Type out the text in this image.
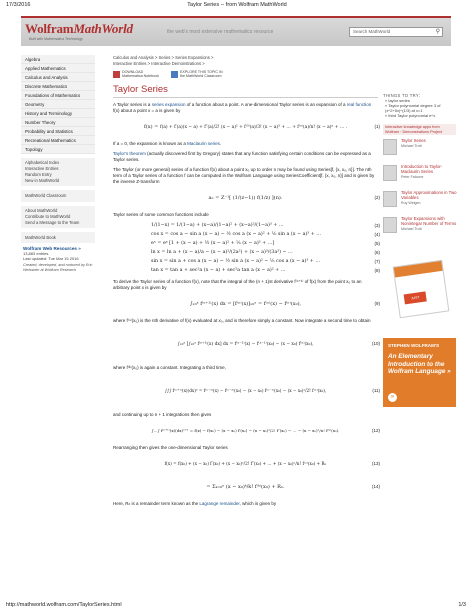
17/3/2016	Taylor Series -- from Wolfram MathWorld
WolframMathWorld
Built with Mathematica Technology
the web's most extensive mathematics resource	Search MathWorld	⚲
Algebra
Applied Mathematics
Calculus and Analysis
Discrete Mathematics
Foundations of Mathematics
Geometry
History and Terminology
Number Theory
Probability and Statistics
Recreational Mathematics
Topology
Alphabetical Index
Interactive Entries
Random Entry
New in MathWorld
MathWorld Classroom
About MathWorld
Contribute to MathWorld
Send a Message to the Team
MathWorld Book
Wolfram Web Resources »
13,883 entries
Last updated: Tue Mar 15 2016
Created, developed, and nurtured by Eric Weisstein at Wolfram Research
Calculus and Analysis > Series > Series Expansions >
Interactive Entries > Interactive Demonstrations >
DOWNLOAD
Mathematica Notebook
EXPLORE THIS TOPIC IN
the MathWorld Classroom
Taylor Series

A Taylor series is a series expansion of a function about a point. A one-dimensional Taylor series is an expansion of a real function f(x) about a point x = a is given by

f(x) = f(a) + f′(a)(x − a) + f″(a)/2! (x − a)² + f⁽³⁾(a)/3! (x − a)³ + … + f⁽ⁿ⁾(a)/n! (x − a)ⁿ + … .	(1)

If a = 0, the expansion is known as a Maclaurin series.

Taylor's theorem (actually discovered first by Gregory) states that any function satisfying certain conditions can be expressed as a Taylor series.

The Taylor (or more general) series of a function f(x) about a point x₀ up to order n may be found using Series[f, {x, x₀, n}]. The nth term of a Taylor series of a function f can be computed in the Wolfram Language using SeriesCoefficient[f, {x, x₀, n}] and is given by the inverse Z-transform

aₙ = Z⁻¹[ (1/(z−1)) f(1/z) ](n).	(2)

Taylor series of some common functions include

1/(1−x) = 1/(1−a) + (x−a)/(1−a)² + (x−a)²/(1−a)³ + …	(3)
cos x = cos a − sin a (x − a) − ½ cos a (x − a)² + ⅙ sin a (x − a)³ + …	(4)
eˣ = eᵃ [1 + (x − a) + ½ (x − a)² + ⅙ (x − a)³ + …]	(5)
ln x = ln a + (x − a)/a − (x − a)²/(2a²) + (x − a)³/(3a³) − …	(6)
sin x = sin a + cos a (x − a) − ½ sin a (x − a)² − ⅙ cos a (x − a)³ + …	(7)
tan x = tan a + sec²a (x − a) + sec²a tan a (x − a)² + …	(8)

To derive the Taylor series of a function f(x), note that the integral of the (n + 1)st derivative f⁽ⁿ⁺¹⁾ of f(x) from the point x₀ to an arbitrary point x is given by

∫ₓ₀ˣ f⁽ⁿ⁺¹⁾(x) dx = [f⁽ⁿ⁾(x)]ₓ₀ˣ = f⁽ⁿ⁾(x) − f⁽ⁿ⁾(x₀),	(9)

where f⁽ⁿ⁾(x₀) is the nth derivative of f(x) evaluated at x₀, and is therefore simply a constant. Now integrate a second time to obtain

∫ₓ₀ˣ [∫ₓ₀ˣ f⁽ⁿ⁺¹⁾(x) dx] dx = f⁽ⁿ⁻¹⁾(x) − f⁽ⁿ⁻¹⁾(x₀) − (x − x₀) f⁽ⁿ⁾(x₀),	(10)

where f⁽ᵏ⁾(x₀) is again a constant. Integrating a third time,

∫∫∫ f⁽ⁿ⁺¹⁾(x)(dx)³ = f⁽ⁿ⁻²⁾(x) − f⁽ⁿ⁻²⁾(x₀) − (x − x₀) f⁽ⁿ⁻¹⁾(x₀) − (x − x₀)²/2! f⁽ⁿ⁾(x₀),	(11)

and continuing up to n + 1 integrations then gives

∫…∫ f⁽ⁿ⁺¹⁾(x)(dx)ⁿ⁺¹ = f(x) − f(x₀) − (x − x₀) f′(x₀) − (x − x₀)²/2! f″(x₀) − … − (x − x₀)ⁿ/n! f⁽ⁿ⁾(x₀).	(12)

Rearranging then gives the one-dimensional Taylor series

f(x) = f(x₀) + (x − x₀) f′(x₀) + (x − x₀)²/2! f″(x₀) + … + (x − x₀)ⁿ/n! f⁽ⁿ⁾(x₀) + Rₙ	(13)
= Σₖ₌₀ⁿ (x − x₀)ᵏ/k! f⁽ᵏ⁾(x₀) + Rₙ.	(14)

Here, Rₙ is a remainder term known as the Lagrange remainder, which is given by

THINGS TO TRY:
» taylor series
» Taylor polynomial degree 3 of (x^2+5x)^(1/3) at x=1
» third Taylor polynomial e^x
Interactive knowledge apps from Wolfram · Demonstrations Project
Taylor Series
Michael Trott
Introduction to Taylor-Maclaurin Series
Peter Falcone
Taylor Approximations in Two Variables
Ruy Weigen
Taylor Expansions with Nonintegar Number of Terms
Michael Trott
JUST RELEASED
STEPHEN WOLFRAM'S
An Elementary Introduction to the Wolfram Language »
»
http://mathworld.wolfram.com/TaylorSeries.html	1/3
